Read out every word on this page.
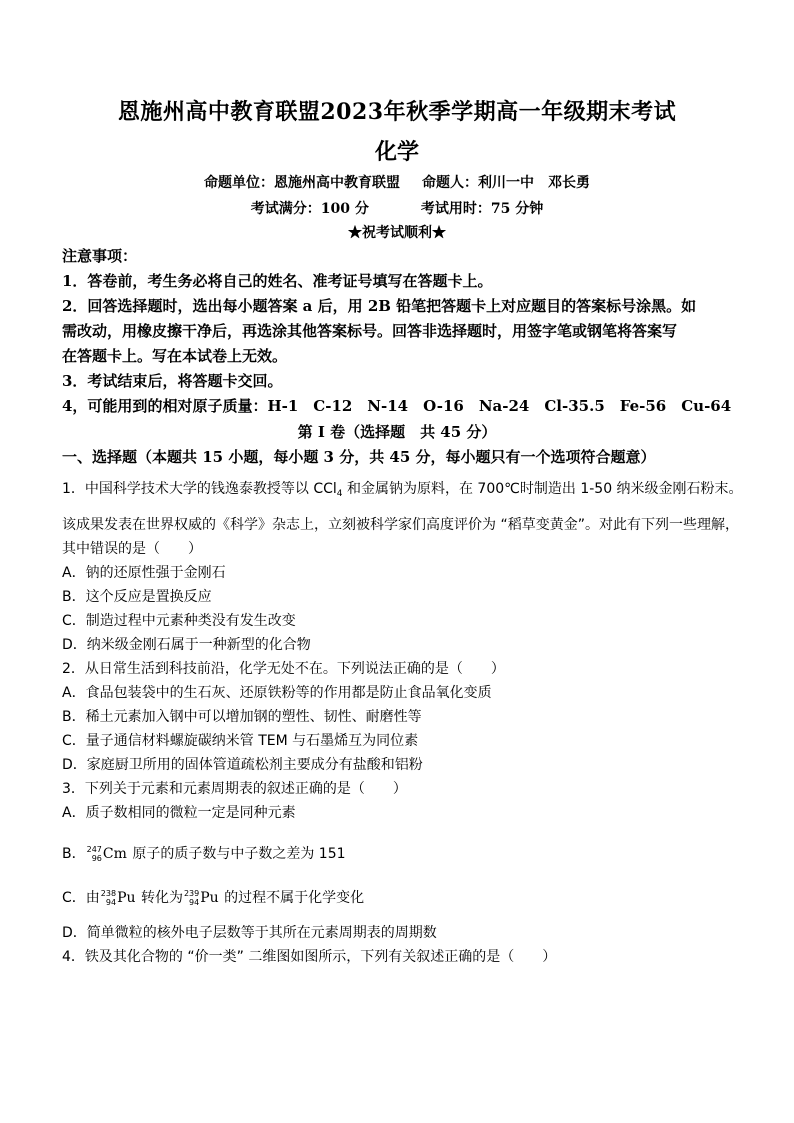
恩施州高中教育联盟2023年秋季学期高一年级期末考试
化学
命题单位：恩施州高中教育联盟 命题人：利川一中　邓长勇
考试满分：100 分	考试用时：75 分钟
★祝考试顺利★

注意事项：

1．答卷前，考生务必将自己的姓名、准考证号填写在答题卡上。

2．回答选择题时，选出每小题答案 a 后，用 2B 铅笔把答题卡上对应题目的答案标号涂黑。如

需改动，用橡皮擦干净后，再选涂其他答案标号。回答非选择题时，用签字笔或钢笔将答案写

在答题卡上。写在本试卷上无效。

3．考试结束后，将答题卡交回。

4，可能用到的相对原子质量：H-1　C-12　N-14　O-16　Na-24　Cl-35.5　Fe-56　Cu-64

第 I 卷（选择题　共 45 分）
一、选择题（本题共 15 小题，每小题 3 分，共 45 分，每小题只有一个选项符合题意）

1．中国科学技术大学的钱逸泰教授等以 CCl$_4$ 和金属钠为原料，在 700℃时制造出 1-50 纳米级金刚石粉末。

该成果发表在世界权威的《科学》杂志上，立刻被科学家们高度评价为 “稻草变黄金”。对此有下列一些理解，

其中错误的是（　　）

A．钠的还原性强于金刚石

B．这个反应是置换反应

C．制造过程中元素种类没有发生改变

D．纳米级金刚石属于一种新型的化合物

2．从日常生活到科技前沿，化学无处不在。下列说法正确的是（　　）

A．食品包装袋中的生石灰、还原铁粉等的作用都是防止食品氧化变质

B．稀土元素加入钢中可以增加钢的塑性、韧性、耐磨性等

C．量子通信材料螺旋碳纳米管 TEM 与石墨烯互为同位素

D．家庭厨卫所用的固体管道疏松剂主要成分有盐酸和铝粉

3．下列关于元素和元素周期表的叙述正确的是（　　）

A．质子数相同的微粒一定是同种元素

B． 247
96 Cm 原子的质子数与中子数之差为 151

C．由 238
94 Pu 转化为 239
94 Pu 的过程不属于化学变化

D．简单微粒的核外电子层数等于其所在元素周期表的周期数

4．铁及其化合物的 “价一类” 二维图如图所示，下列有关叙述正确的是（　　）
